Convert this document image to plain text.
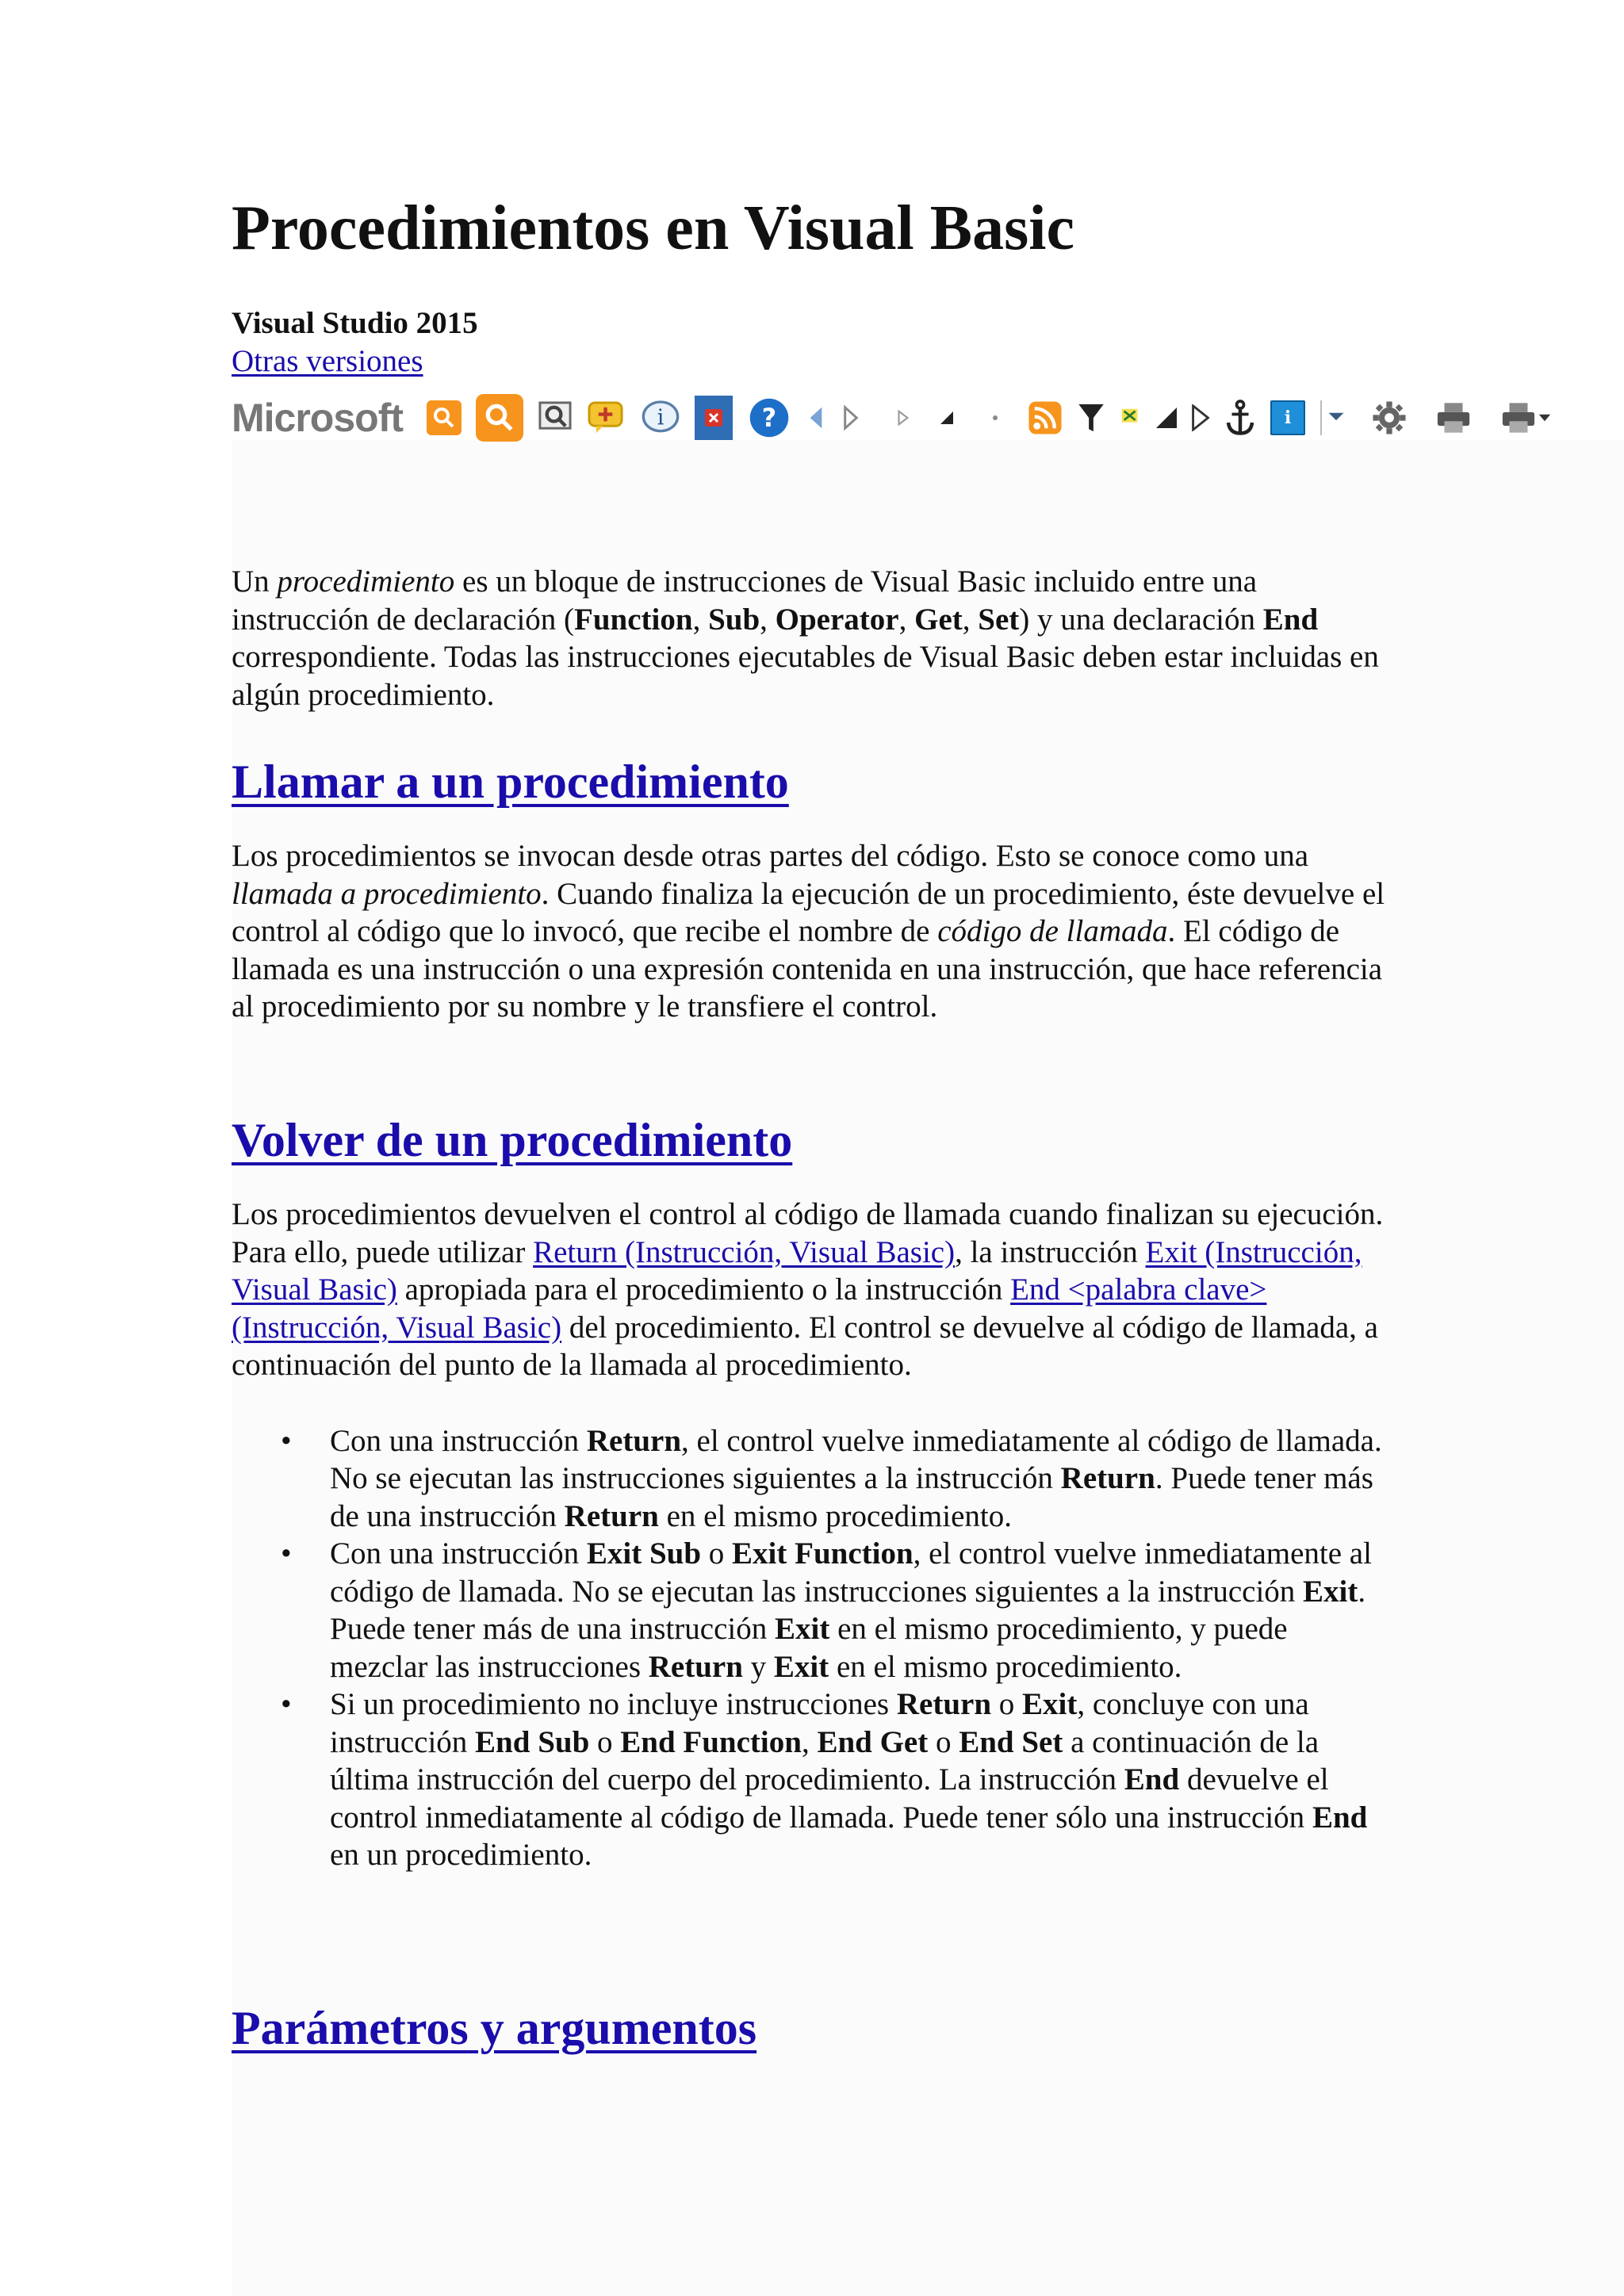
Procedimientos en Visual Basic
Visual Studio 2015
Otras versiones
Microsoft	i	?	i

Un procedimiento es un bloque de instrucciones de Visual Basic incluido entre una instrucción de declaración (Function, Sub, Operator, Get, Set) y una declaración End correspondiente. Todas las instrucciones ejecutables de Visual Basic deben estar incluidas en algún procedimiento.

Llamar a un procedimiento

Los procedimientos se invocan desde otras partes del código. Esto se conoce como una llamada a procedimiento. Cuando finaliza la ejecución de un procedimiento, éste devuelve el control al código que lo invocó, que recibe el nombre de código de llamada. El código de llamada es una instrucción o una expresión contenida en una instrucción, que hace referencia al procedimiento por su nombre y le transfiere el control.

Volver de un procedimiento

Los procedimientos devuelven el control al código de llamada cuando finalizan su ejecución. Para ello, puede utilizar Return (Instrucción, Visual Basic), la instrucción Exit (Instrucción, Visual Basic) apropiada para el procedimiento o la instrucción End <palabra clave> (Instrucción, Visual Basic) del procedimiento. El control se devuelve al código de llamada, a continuación del punto de la llamada al procedimiento.

• Con una instrucción Return, el control vuelve inmediatamente al código de llamada. No se ejecutan las instrucciones siguientes a la instrucción Return. Puede tener más de una instrucción Return en el mismo procedimiento.
• Con una instrucción Exit Sub o Exit Function, el control vuelve inmediatamente al código de llamada. No se ejecutan las instrucciones siguientes a la instrucción Exit. Puede tener más de una instrucción Exit en el mismo procedimiento, y puede mezclar las instrucciones Return y Exit en el mismo procedimiento.
• Si un procedimiento no incluye instrucciones Return o Exit, concluye con una instrucción End Sub o End Function, End Get o End Set a continuación de la última instrucción del cuerpo del procedimiento. La instrucción End devuelve el control inmediatamente al código de llamada. Puede tener sólo una instrucción End en un procedimiento.
Parámetros y argumentos
